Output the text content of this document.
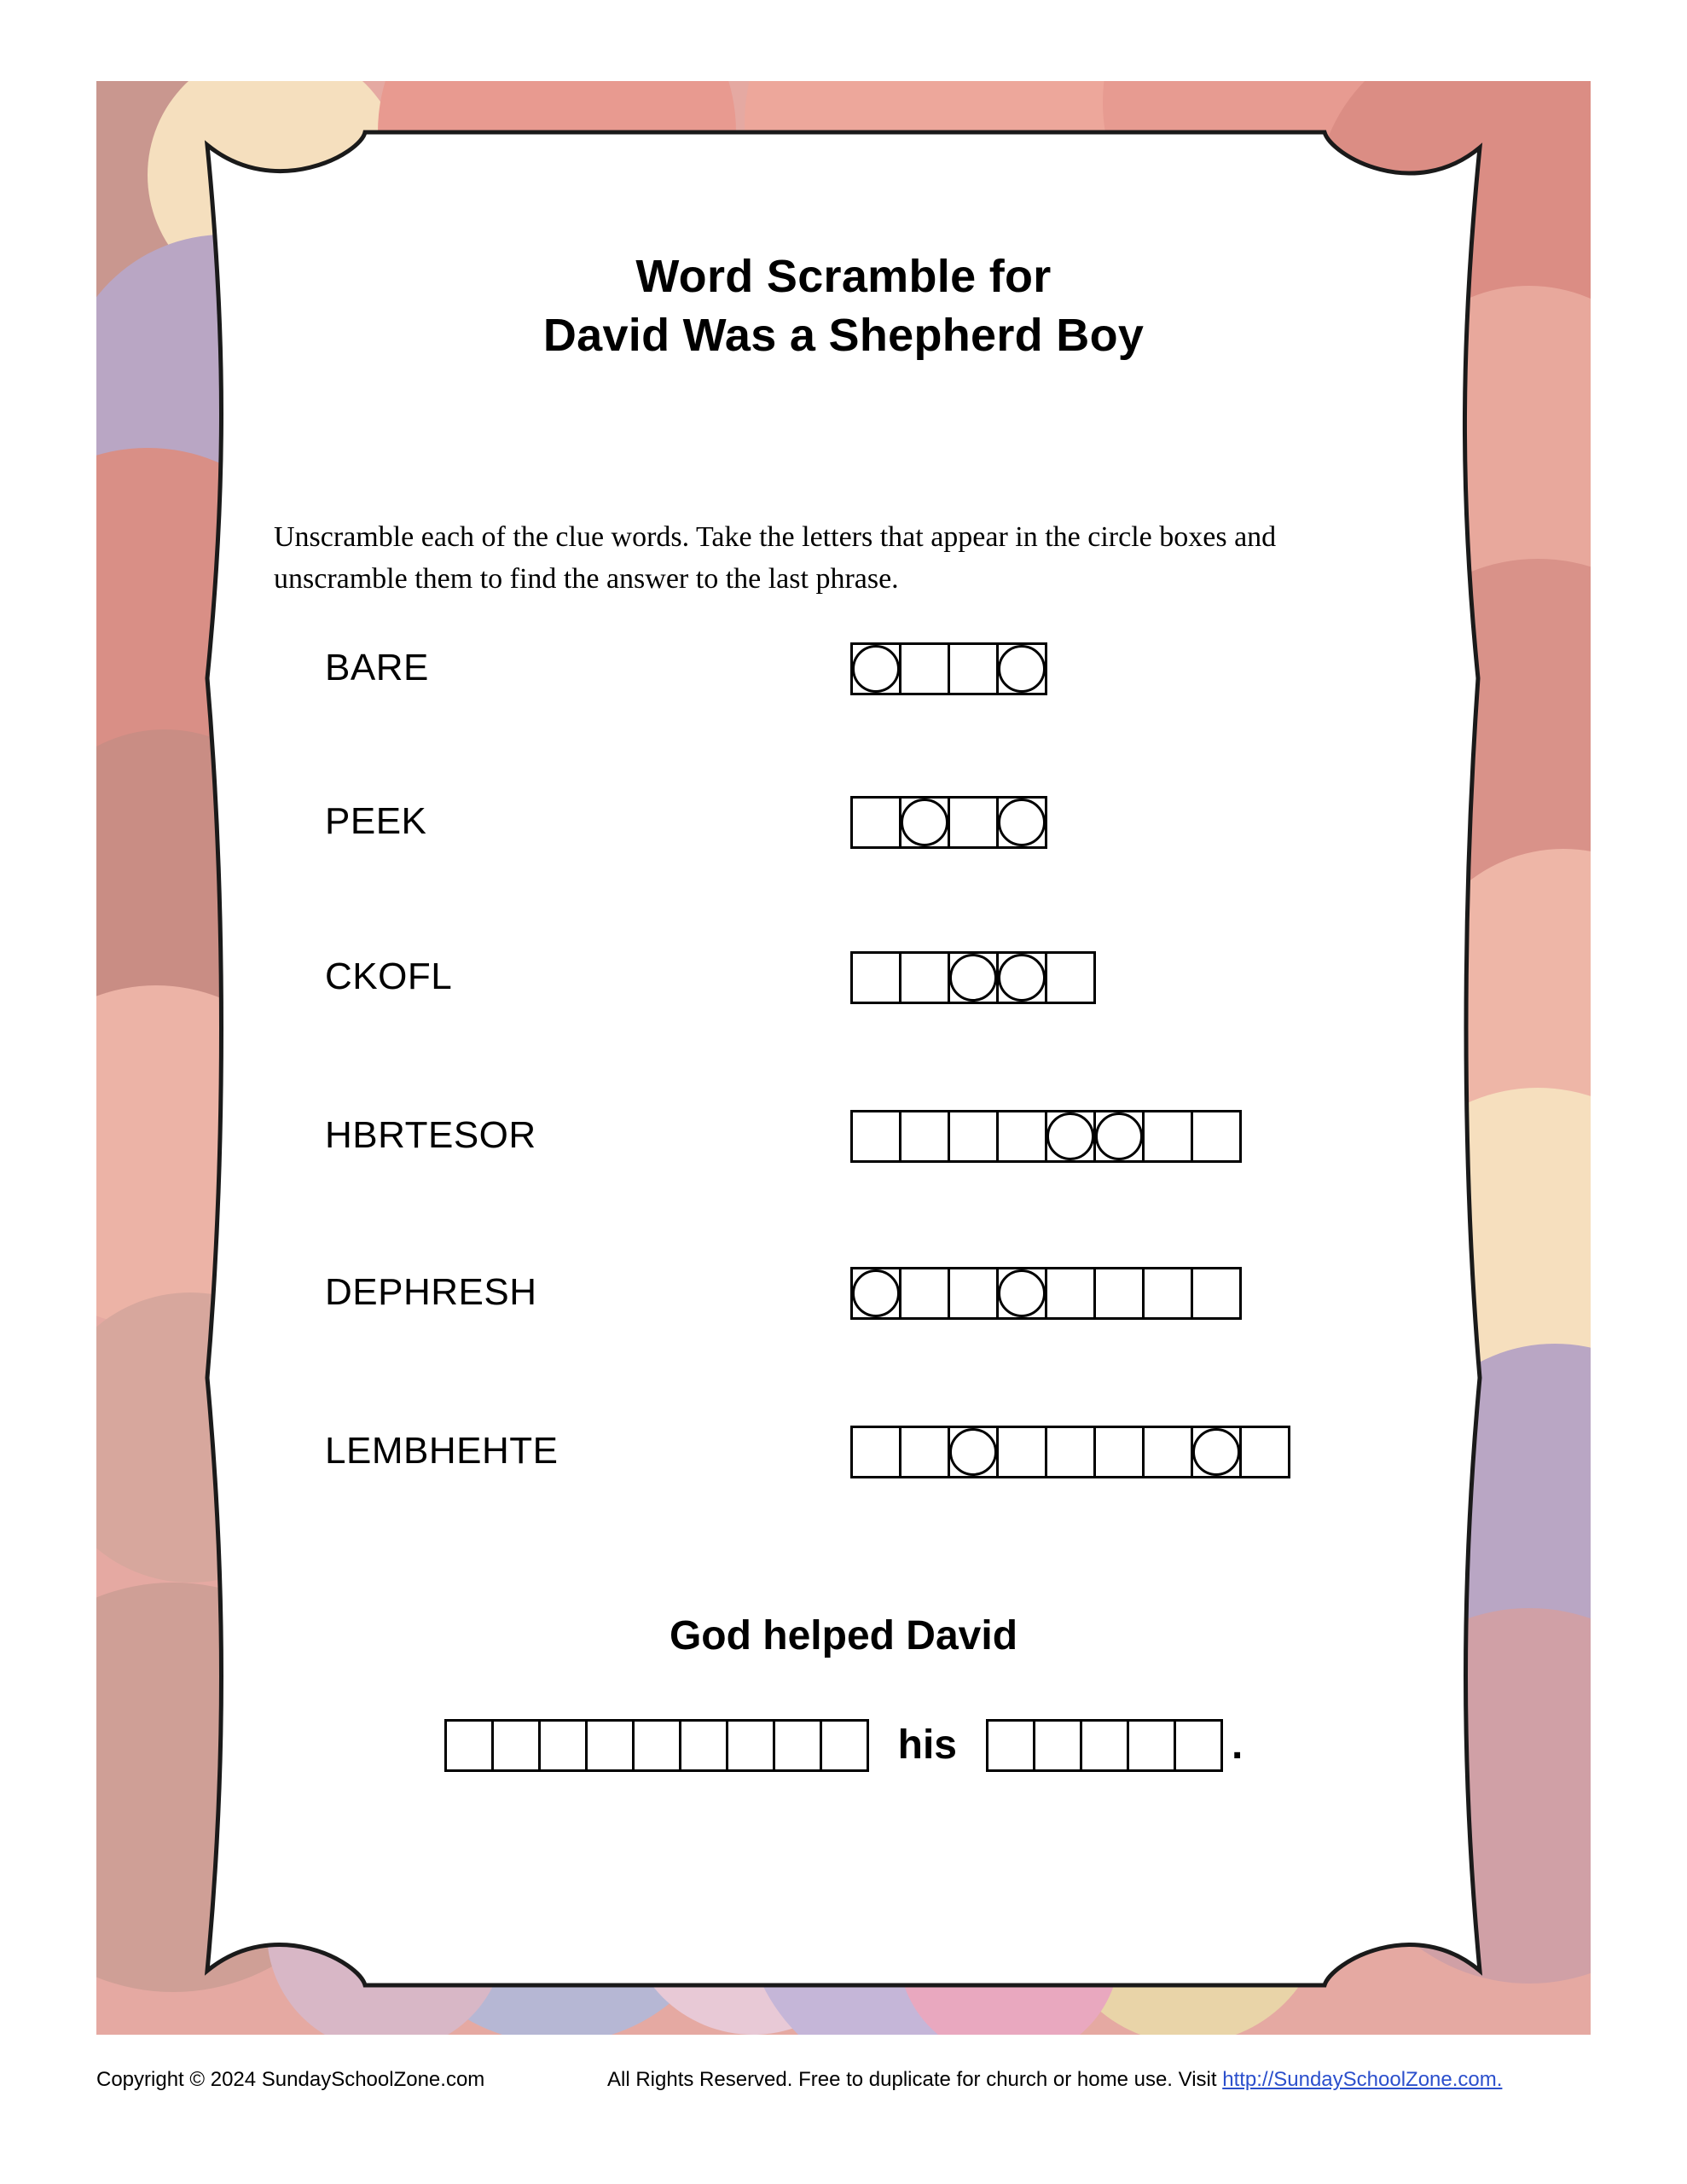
Word Scramble for
David Was a Shepherd Boy
Unscramble each of the clue words. Take the letters that appear in the circle boxes and unscramble them to find the answer to the last phrase.
BARE
PEEK
CKOFL
HBRTESOR
DEPHRESH
LEMBHEHTE
God helped David
his	.
Copyright © 2024 SundaySchoolZone.com	All Rights Reserved. Free to duplicate for church or home use. Visit http://SundaySchoolZone.com.
